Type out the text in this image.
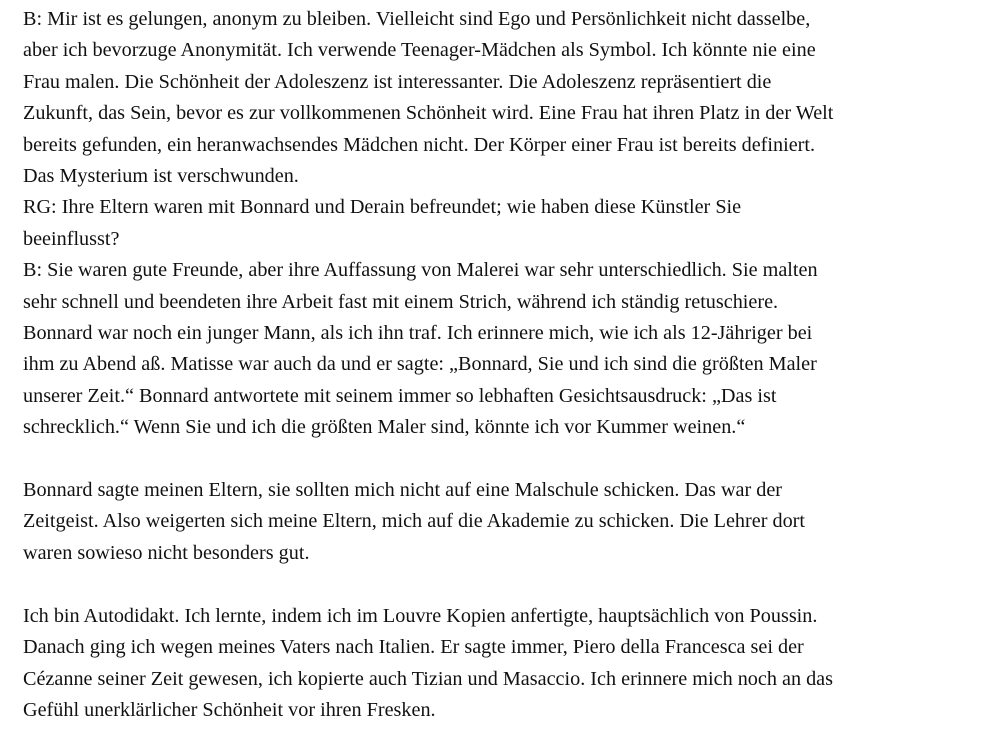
B: Mir ist es gelungen, anonym zu bleiben. Vielleicht sind Ego und Persönlichkeit nicht dasselbe,
aber ich bevorzuge Anonymität. Ich verwende Teenager-Mädchen als Symbol. Ich könnte nie eine
Frau malen. Die Schönheit der Adoleszenz ist interessanter. Die Adoleszenz repräsentiert die
Zukunft, das Sein, bevor es zur vollkommenen Schönheit wird. Eine Frau hat ihren Platz in der Welt
bereits gefunden, ein heranwachsendes Mädchen nicht. Der Körper einer Frau ist bereits definiert.
Das Mysterium ist verschwunden.
RG: Ihre Eltern waren mit Bonnard und Derain befreundet; wie haben diese Künstler Sie
beeinflusst?
B: Sie waren gute Freunde, aber ihre Auffassung von Malerei war sehr unterschiedlich. Sie malten
sehr schnell und beendeten ihre Arbeit fast mit einem Strich, während ich ständig retuschiere.
Bonnard war noch ein junger Mann, als ich ihn traf. Ich erinnere mich, wie ich als 12-Jähriger bei
ihm zu Abend aß. Matisse war auch da und er sagte: „Bonnard, Sie und ich sind die größten Maler
unserer Zeit.“ Bonnard antwortete mit seinem immer so lebhaften Gesichtsausdruck: „Das ist
schrecklich.“ Wenn Sie und ich die größten Maler sind, könnte ich vor Kummer weinen.“
Bonnard sagte meinen Eltern, sie sollten mich nicht auf eine Malschule schicken. Das war der
Zeitgeist. Also weigerten sich meine Eltern, mich auf die Akademie zu schicken. Die Lehrer dort
waren sowieso nicht besonders gut.
Ich bin Autodidakt. Ich lernte, indem ich im Louvre Kopien anfertigte, hauptsächlich von Poussin.
Danach ging ich wegen meines Vaters nach Italien. Er sagte immer, Piero della Francesca sei der
Cézanne seiner Zeit gewesen, ich kopierte auch Tizian und Masaccio. Ich erinnere mich noch an das
Gefühl unerklärlicher Schönheit vor ihren Fresken.
